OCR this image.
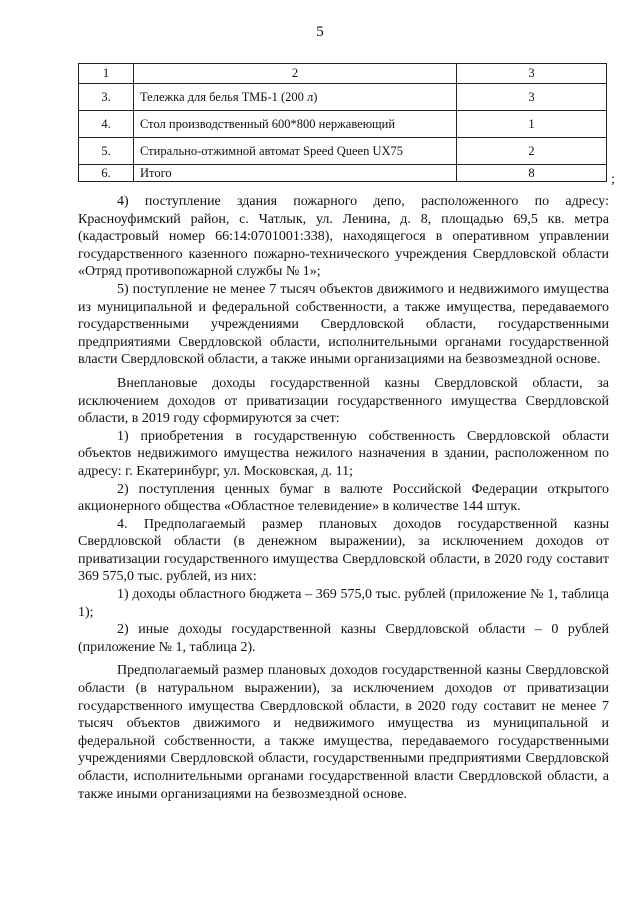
5
1	2	3
3.	Тележка для белья ТМБ-1 (200 л)	3
4.	Стол производственный 600*800 нержавеющий	1
5.	Стирально-отжимной автомат Speed Queen UX75	2
6.	Итого	8	;

4) поступление здания пожарного депо, расположенного по адресу: Красноуфимский район, с. Чатлык, ул. Ленина, д. 8, площадью 69,5 кв. метра (кадастровый номер 66:14:0701001:338), находящегося в оперативном управлении государственного казенного пожарно-технического учреждения Свердловской области «Отряд противопожарной службы № 1»;

5) поступление не менее 7 тысяч объектов движимого и недвижимого имущества из муниципальной и федеральной собственности, а также имущества, передаваемого государственными учреждениями Свердловской области, государственными предприятиями Свердловской области, исполнительными органами государственной власти Свердловской области, а также иными организациями на безвозмездной основе.

Внеплановые доходы государственной казны Свердловской области, за исключением доходов от приватизации государственного имущества Свердловской области, в 2019 году сформируются за счет:

1) приобретения в государственную собственность Свердловской области объектов недвижимого имущества нежилого назначения в здании, расположенном по адресу: г. Екатеринбург, ул. Московская, д. 11;

2) поступления ценных бумаг в валюте Российской Федерации открытого акционерного общества «Областное телевидение» в количестве 144 штук.

4. Предполагаемый размер плановых доходов государственной казны Свердловской области (в денежном выражении), за исключением доходов от приватизации государственного имущества Свердловской области, в 2020 году составит 369 575,0 тыс. рублей, из них:

1) доходы областного бюджета – 369 575,0 тыс. рублей (приложение № 1, таблица 1);

2) иные доходы государственной казны Свердловской области – 0 рублей (приложение № 1, таблица 2).

Предполагаемый размер плановых доходов государственной казны Свердловской области (в натуральном выражении), за исключением доходов от приватизации государственного имущества Свердловской области, в 2020 году составит не менее 7 тысяч объектов движимого и недвижимого имущества из муниципальной и федеральной собственности, а также имущества, передаваемого государственными учреждениями Свердловской области, государственными предприятиями Свердловской области, исполнительными органами государственной власти Свердловской области, а также иными организациями на безвозмездной основе.
